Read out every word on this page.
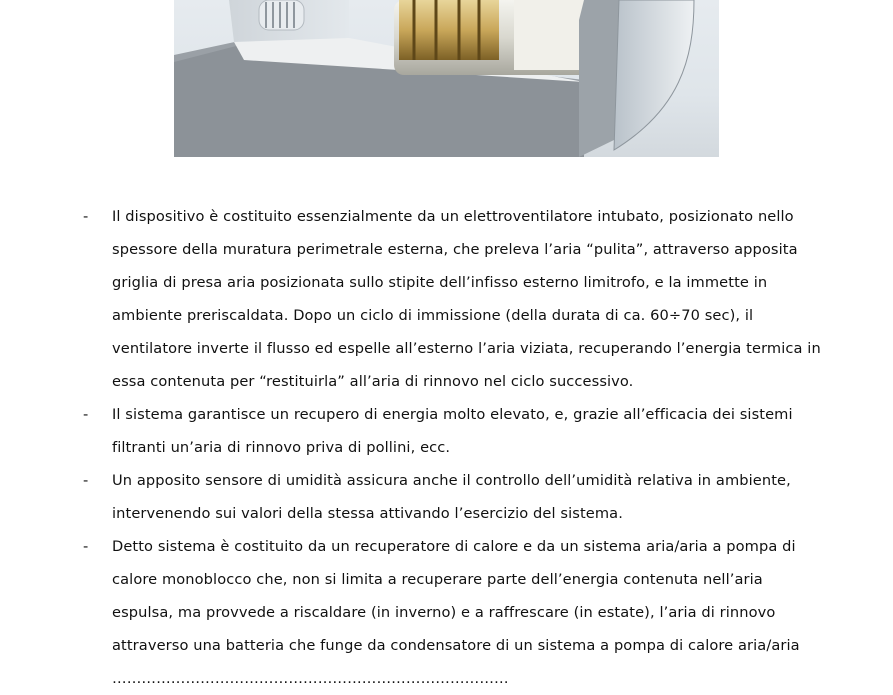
-	Il dispositivo è costituito essenzialmente da un elettroventilatore intubato, posizionato nello
spessore della muratura perimetrale esterna, che preleva l’aria “pulita”, attraverso apposita
griglia di presa aria posizionata sullo stipite dell’infisso esterno limitrofo, e la immette in
ambiente preriscaldata. Dopo un ciclo di immissione (della durata di ca. 60÷70 sec), il
ventilatore inverte il flusso ed espelle all’esterno l’aria viziata, recuperando l’energia termica in
essa contenuta per “restituirla” all’aria di rinnovo nel ciclo successivo.
-	Il sistema garantisce un recupero di energia molto elevato, e, grazie all’efficacia dei sistemi
filtranti un’aria di rinnovo priva di pollini, ecc.
-	Un apposito sensore di umidità assicura anche il controllo dell’umidità relativa in ambiente,
intervenendo sui valori della stessa attivando l’esercizio del sistema.
-	Detto sistema è costituito da un recuperatore di calore e da un sistema aria/aria a pompa di
calore monoblocco che, non si limita a recuperare parte dell’energia contenuta nell’aria
espulsa, ma provvede a riscaldare (in inverno) e a raffrescare (in estate), l’aria di rinnovo
attraverso una batteria che funge da condensatore di un sistema a pompa di calore aria/aria
………………………………………………………………………
